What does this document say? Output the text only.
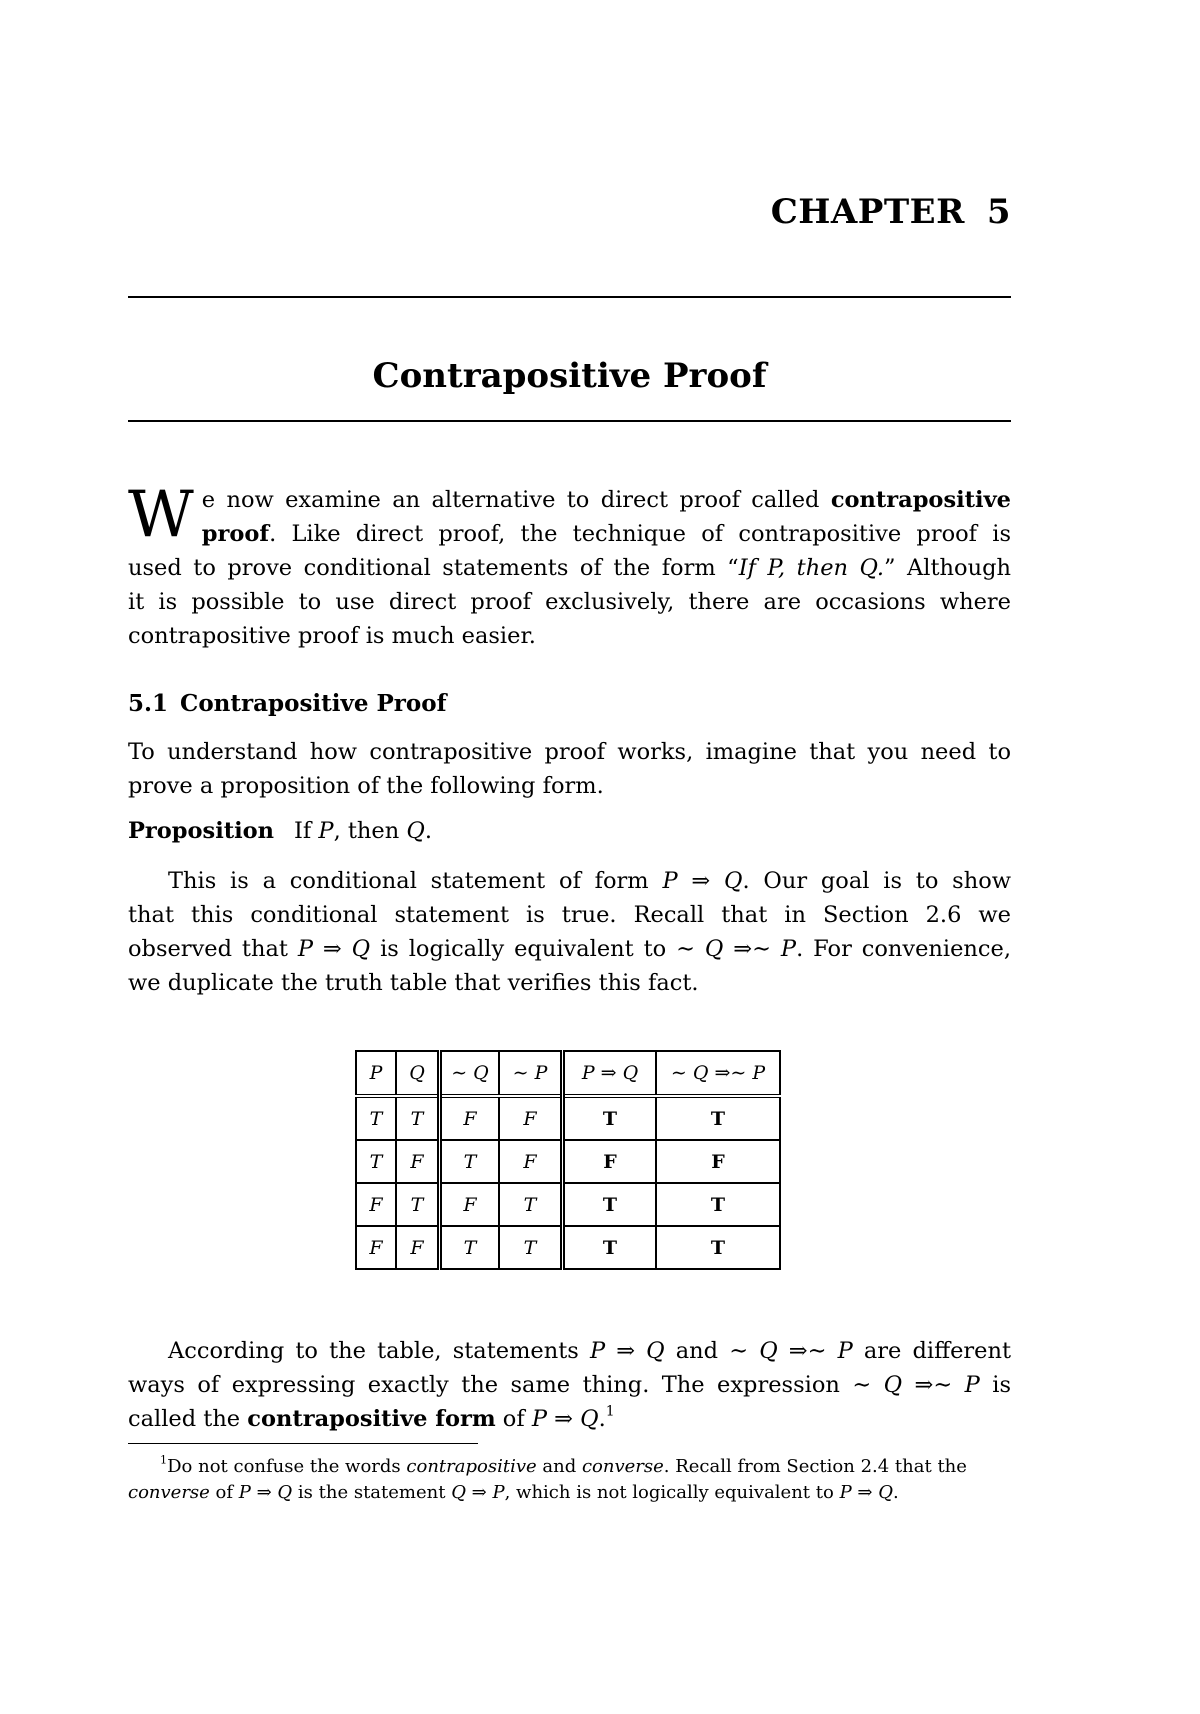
CHAPTER 5
Contrapositive Proof
W e now examine an alternative to direct proof called contrapositive
proof. Like direct proof, the technique of contrapositive proof is
used to prove conditional statements of the form “If P, then Q.” Although
it is possible to use direct proof exclusively, there are occasions where
contrapositive proof is much easier.
5.1 Contrapositive Proof
To understand how contrapositive proof works, imagine that you need to
prove a proposition of the following form.
Proposition If P, then Q.
This is a conditional statement of form P ⇒ Q. Our goal is to show
that this conditional statement is true. Recall that in Section 2.6 we
observed that P ⇒ Q is logically equivalent to ∼ Q ⇒∼ P. For convenience,
we duplicate the truth table that verifies this fact.
P	Q	∼ Q	∼ P	P ⇒ Q	∼ Q ⇒∼ P
T	T	F	F	T	T
T	F	T	F	F	F
F	T	F	T	T	T
F	F	T	T	T	T
According to the table, statements P ⇒ Q and ∼ Q ⇒∼ P are different
ways of expressing exactly the same thing. The expression ∼ Q ⇒∼ P is
called the contrapositive form of P ⇒ Q.$^1$
$^1$Do not confuse the words contrapositive and converse. Recall from Section 2.4 that the
converse of P ⇒ Q is the statement Q ⇒ P, which is not logically equivalent to P ⇒ Q.
